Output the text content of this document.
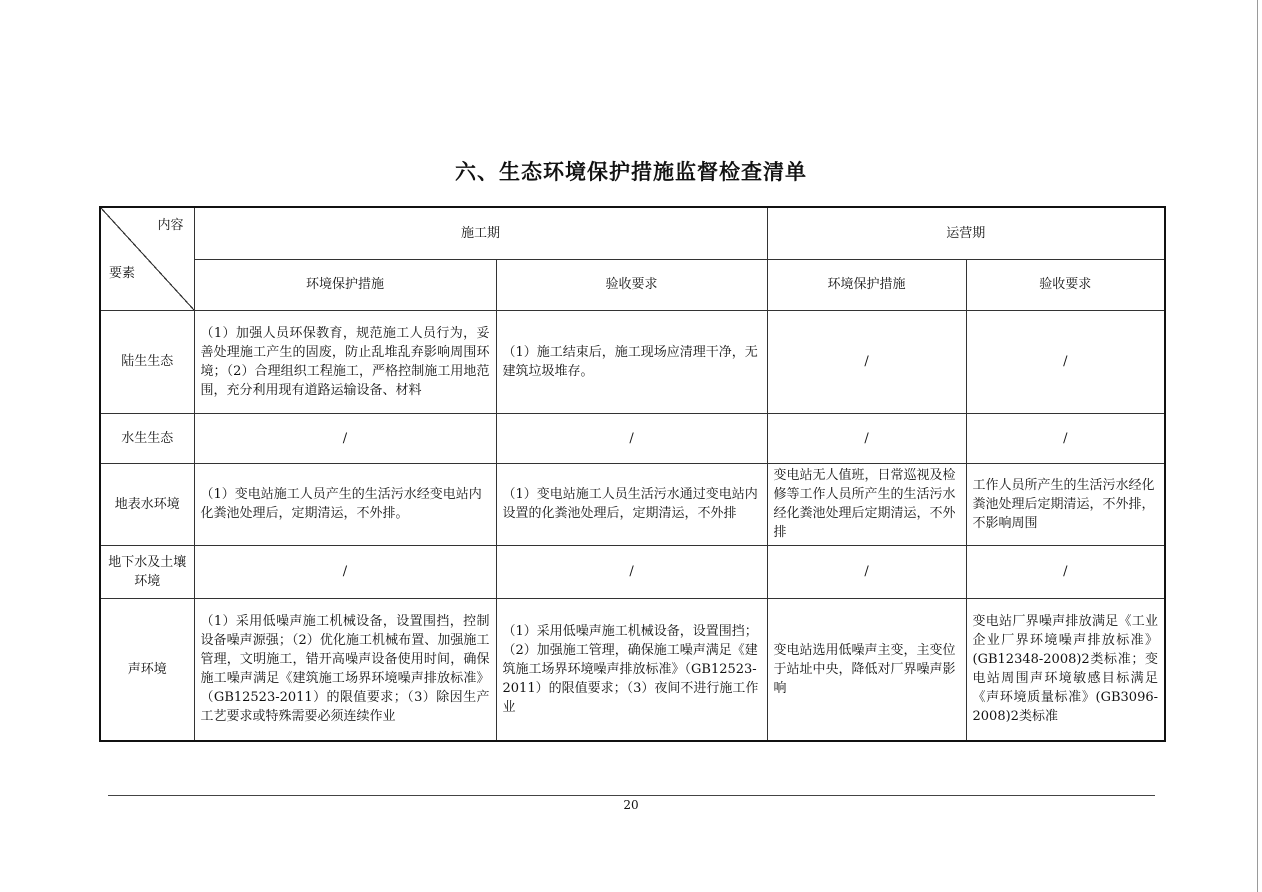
六、生态环境保护措施监督检查清单
内容
要素	施工期		运营期	
	环境保护措施	验收要求	环境保护措施	验收要求
陆生生态	（1）加强人员环保教育，规范施工人员行为，妥善处理施工产生的固废，防止乱堆乱弃影响周围环境；（2）合理组织工程施工，严格控制施工用地范围，充分利用现有道路运输设备、材料	（1）施工结束后，施工现场应清理干净，无建筑垃圾堆存。	/	/
水生生态	/	/	/	/
地表水环境	（1）变电站施工人员产生的生活污水经变电站内化粪池处理后，定期清运，不外排。	（1）变电站施工人员生活污水通过变电站内设置的化粪池处理后，定期清运，不外排	变电站无人值班，日常巡视及检修等工作人员所产生的生活污水经化粪池处理后定期清运，不外排	工作人员所产生的生活污水经化粪池处理后定期清运，不外排，不影响周围
地下水及土壤环境	/	/	/	/
声环境	（1）采用低噪声施工机械设备，设置围挡，控制设备噪声源强；（2）优化施工机械布置、加强施工管理，文明施工，错开高噪声设备使用时间，确保施工噪声满足《建筑施工场界环境噪声排放标准》（GB12523-2011）的限值要求；（3）除因生产工艺要求或特殊需要必须连续作业	（1）采用低噪声施工机械设备，设置围挡；（2）加强施工管理，确保施工噪声满足《建筑施工场界环境噪声排放标准》（GB12523-2011）的限值要求；（3）夜间不进行施工作业	变电站选用低噪声主变，主变位于站址中央，降低对厂界噪声影响	变电站厂界噪声排放满足《工业企业厂界环境噪声排放标准》(GB12348-2008)2类标准；变电站周围声环境敏感目标满足《声环境质量标准》(GB3096-2008)2类标准
20
